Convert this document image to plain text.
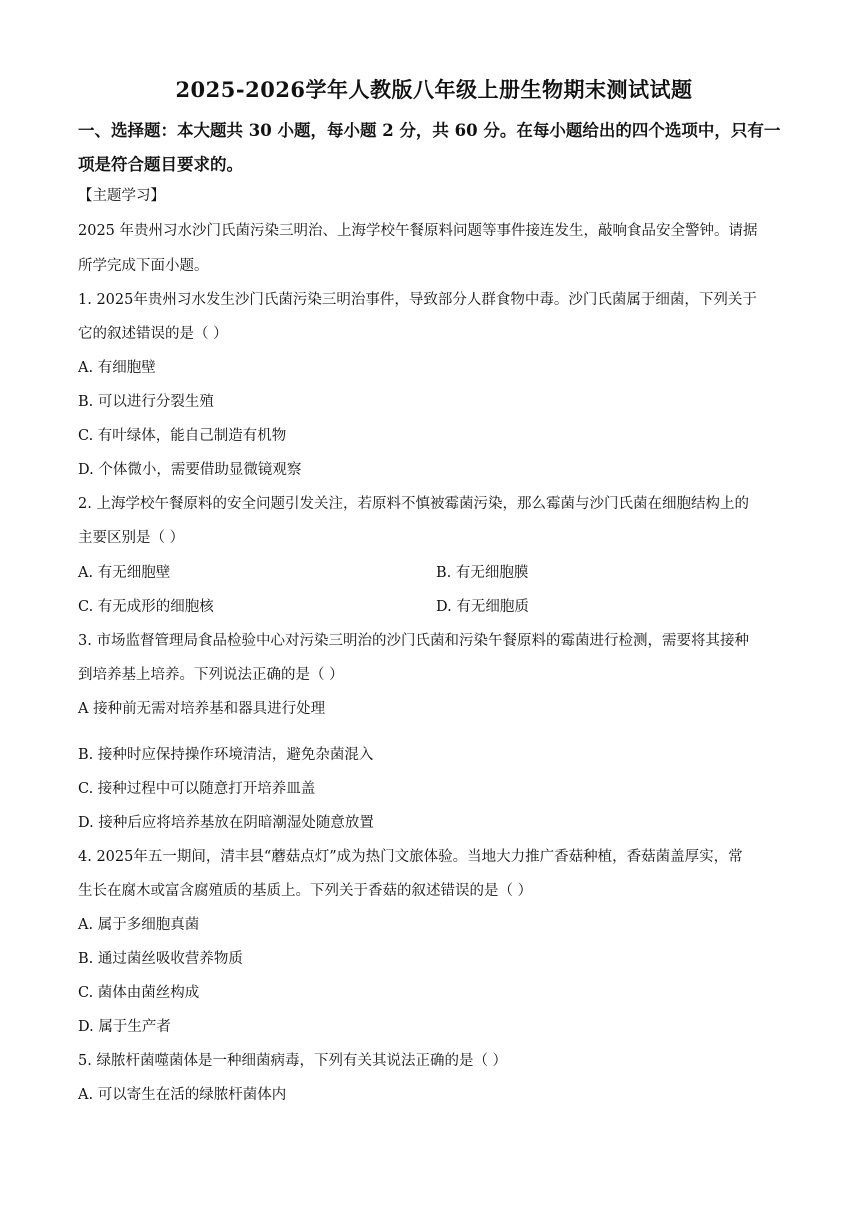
2025-2026学年人教版八年级上册生物期末测试试题
一、选择题：本大题共 30 小题，每小题 2 分，共 60 分。在每小题给出的四个选项中，只有一
项是符合题目要求的。
【主题学习】
2025 年贵州习水沙门氏菌污染三明治、上海学校午餐原料问题等事件接连发生，敲响食品安全警钟。请据
所学完成下面小题。
1. 2025年贵州习水发生沙门氏菌污染三明治事件，导致部分人群食物中毒。沙门氏菌属于细菌，下列关于
它的叙述错误的是（ ）
A. 有细胞壁
B. 可以进行分裂生殖
C. 有叶绿体，能自己制造有机物
D. 个体微小，需要借助显微镜观察
2. 上海学校午餐原料的安全问题引发关注，若原料不慎被霉菌污染，那么霉菌与沙门氏菌在细胞结构上的
主要区别是（ ）
A. 有无细胞壁	B. 有无细胞膜
C. 有无成形的细胞核	D. 有无细胞质
3. 市场监督管理局食品检验中心对污染三明治的沙门氏菌和污染午餐原料的霉菌进行检测，需要将其接种
到培养基上培养。下列说法正确的是（ ）
A 接种前无需对培养基和器具进行处理
B. 接种时应保持操作环境清洁，避免杂菌混入
C. 接种过程中可以随意打开培养皿盖
D. 接种后应将培养基放在阴暗潮湿处随意放置
4. 2025年五一期间，清丰县“蘑菇点灯”成为热门文旅体验。当地大力推广香菇种植，香菇菌盖厚实，常
生长在腐木或富含腐殖质的基质上。下列关于香菇的叙述错误的是（ ）
A. 属于多细胞真菌
B. 通过菌丝吸收营养物质
C. 菌体由菌丝构成
D. 属于生产者
5. 绿脓杆菌噬菌体是一种细菌病毒，下列有关其说法正确的是（ ）
A. 可以寄生在活的绿脓杆菌体内
